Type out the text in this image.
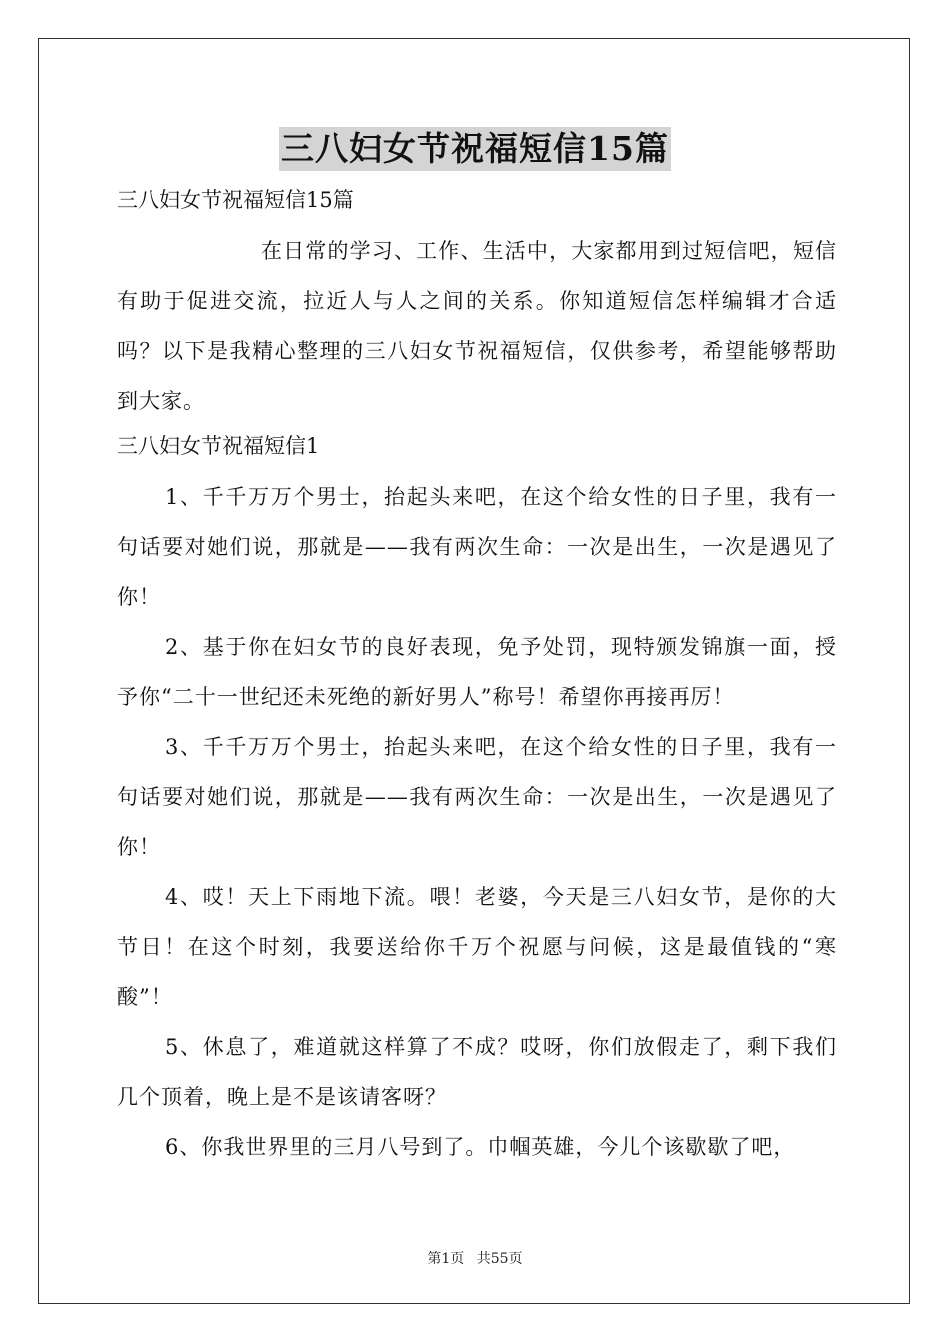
三八妇女节祝福短信15篇

三八妇女节祝福短信15篇

在日常的学习、工作、生活中，大家都用到过短信吧，短信有助于促进交流，拉近人与人之间的关系。你知道短信怎样编辑才合适吗？以下是我精心整理的三八妇女节祝福短信，仅供参考，希望能够帮助到大家。

三八妇女节祝福短信1

1、千千万万个男士，抬起头来吧，在这个给女性的日子里，我有一句话要对她们说，那就是——我有两次生命：一次是出生，一次是遇见了你！

2、基于你在妇女节的良好表现，免予处罚，现特颁发锦旗一面，授予你“二十一世纪还未死绝的新好男人”称号！希望你再接再厉！

3、千千万万个男士，抬起头来吧，在这个给女性的日子里，我有一句话要对她们说，那就是——我有两次生命：一次是出生，一次是遇见了你！

4、哎！天上下雨地下流。喂！老婆，今天是三八妇女节，是你的大节日！在这个时刻，我要送给你千万个祝愿与问候，这是最值钱的“寒酸”！

5、休息了，难道就这样算了不成？哎呀，你们放假走了，剩下我们几个顶着，晚上是不是该请客呀？

6、你我世界里的三月八号到了。巾帼英雄，今儿个该歇歇了吧，

第1页 共55页
